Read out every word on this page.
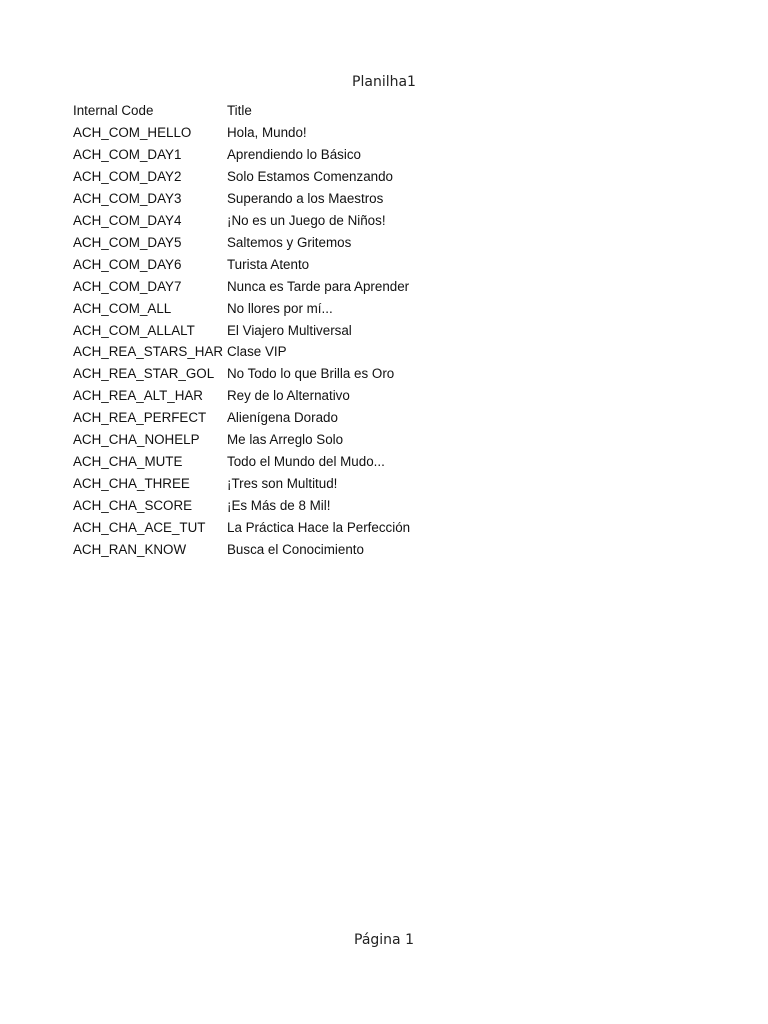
Planilha1
Internal Code	Title
ACH_COM_HELLO	Hola, Mundo!
ACH_COM_DAY1	Aprendiendo lo Básico
ACH_COM_DAY2	Solo Estamos Comenzando
ACH_COM_DAY3	Superando a los Maestros
ACH_COM_DAY4	¡No es un Juego de Niños!
ACH_COM_DAY5	Saltemos y Gritemos
ACH_COM_DAY6	Turista Atento
ACH_COM_DAY7	Nunca es Tarde para Aprender
ACH_COM_ALL	No llores por mí...
ACH_COM_ALLALT	El Viajero Multiversal
ACH_REA_STARS_HAR	Clase VIP
ACH_REA_STAR_GOL	No Todo lo que Brilla es Oro
ACH_REA_ALT_HAR	Rey de lo Alternativo
ACH_REA_PERFECT	Alienígena Dorado
ACH_CHA_NOHELP	Me las Arreglo Solo
ACH_CHA_MUTE	Todo el Mundo del Mudo...
ACH_CHA_THREE	¡Tres son Multitud!
ACH_CHA_SCORE	¡Es Más de 8 Mil!
ACH_CHA_ACE_TUT	La Práctica Hace la Perfección
ACH_RAN_KNOW	Busca el Conocimiento
Página 1
